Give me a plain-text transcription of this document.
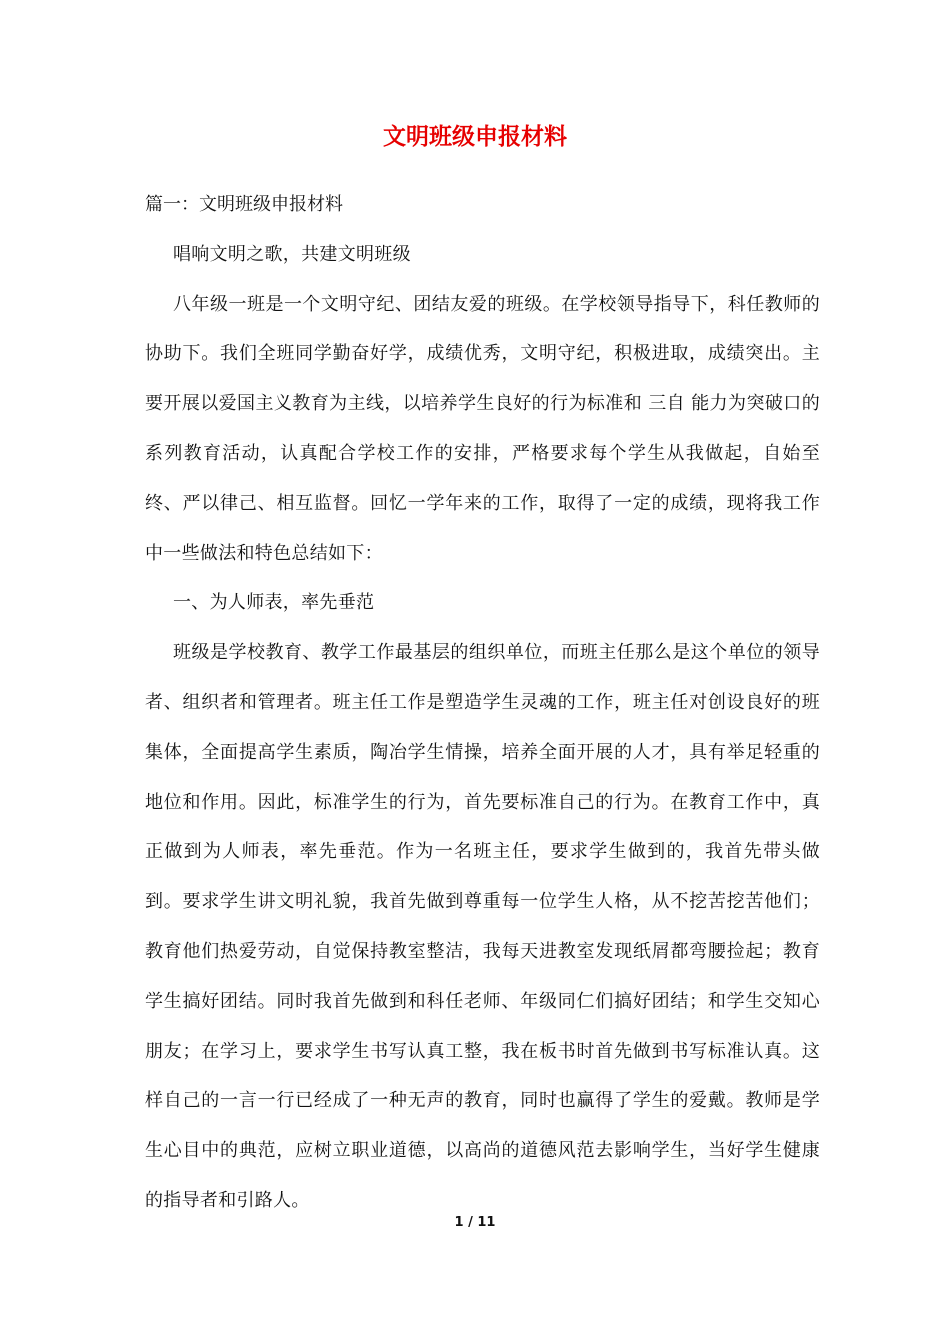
文明班级申报材料

篇一：文明班级申报材料

唱响文明之歌，共建文明班级

八年级一班是一个文明守纪、团结友爱的班级。在学校领导指导下，科任教师的协助下。我们全班同学勤奋好学，成绩优秀，文明守纪，积极进取，成绩突出。主要开展以爱国主义教育为主线，以培养学生良好的行为标准和 三自 能力为突破口的系列教育活动，认真配合学校工作的安排，严格要求每个学生从我做起，自始至终、严以律己、相互监督。回忆一学年来的工作，取得了一定的成绩，现将我工作中一些做法和特色总结如下：

一、为人师表，率先垂范

班级是学校教育、教学工作最基层的组织单位，而班主任那么是这个单位的领导者、组织者和管理者。班主任工作是塑造学生灵魂的工作，班主任对创设良好的班集体，全面提高学生素质，陶冶学生情操，培养全面开展的人才，具有举足轻重的地位和作用。因此，标准学生的行为，首先要标准自己的行为。在教育工作中，真正做到为人师表，率先垂范。作为一名班主任，要求学生做到的，我首先带头做到。要求学生讲文明礼貌，我首先做到尊重每一位学生人格，从不挖苦挖苦他们；教育他们热爱劳动，自觉保持教室整洁，我每天进教室发现纸屑都弯腰捡起；教育学生搞好团结。同时我首先做到和科任老师、年级同仁们搞好团结；和学生交知心朋友；在学习上，要求学生书写认真工整，我在板书时首先做到书写标准认真。这样自己的一言一行已经成了一种无声的教育，同时也赢得了学生的爱戴。教师是学生心目中的典范，应树立职业道德，以高尚的道德风范去影响学生，当好学生健康的指导者和引路人。

1 / 11
